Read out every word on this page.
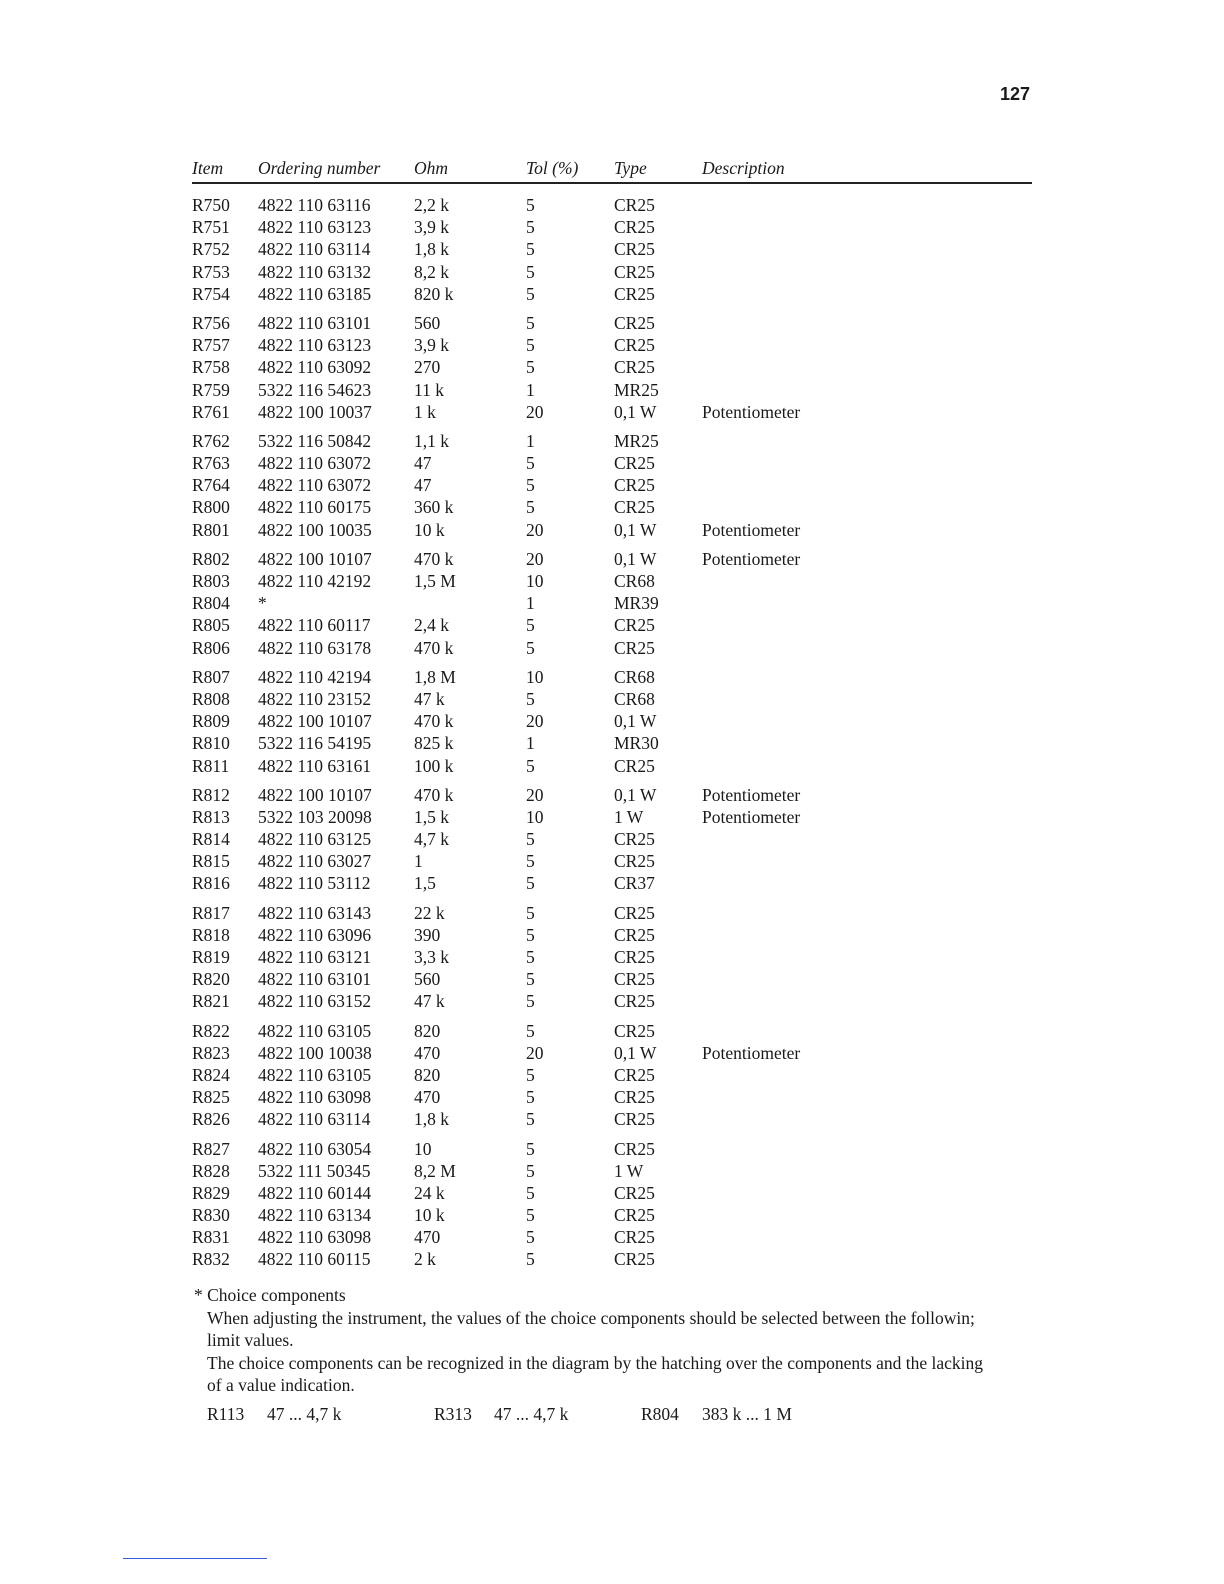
127
Item Ordering number Ohm	Tol (%) Type	Description
R750 4822 110 63116 2,2 k	5	CR25
R751 4822 110 63123 3,9 k	5	CR25
R752 4822 110 63114 1,8 k	5	CR25
R753 4822 110 63132 8,2 k	5	CR25
R754 4822 110 63185 820 k	5	CR25
R756 4822 110 63101 560	5	CR25
R757 4822 110 63123 3,9 k	5	CR25
R758 4822 110 63092 270	5	CR25
R759 5322 116 54623 11 k	1	MR25
R761 4822 100 10037 1 k	20	0,1 W	Potentiometer
R762 5322 116 50842 1,1 k	1	MR25
R763 4822 110 63072 47	5	CR25
R764 4822 110 63072 47	5	CR25
R800 4822 110 60175 360 k	5	CR25
R801 4822 100 10035 10 k	20	0,1 W	Potentiometer
R802 4822 100 10107 470 k	20	0,1 W	Potentiometer
R803 4822 110 42192 1,5 M	10	CR68
R804 *	1	MR39
R805 4822 110 60117 2,4 k	5	CR25
R806 4822 110 63178 470 k	5	CR25
R807 4822 110 42194 1,8 M	10	CR68
R808 4822 110 23152 47 k	5	CR68
R809 4822 100 10107 470 k	20	0,1 W
R810 5322 116 54195 825 k	1	MR30
R811 4822 110 63161 100 k	5	CR25
R812 4822 100 10107 470 k	20	0,1 W	Potentiometer
R813 5322 103 20098 1,5 k	10	1 W	Potentiometer
R814 4822 110 63125 4,7 k	5	CR25
R815 4822 110 63027 1	5	CR25
R816 4822 110 53112 1,5	5	CR37
R817 4822 110 63143 22 k	5	CR25
R818 4822 110 63096 390	5	CR25
R819 4822 110 63121 3,3 k	5	CR25
R820 4822 110 63101 560	5	CR25
R821 4822 110 63152 47 k	5	CR25
R822 4822 110 63105 820	5	CR25
R823 4822 100 10038 470	20	0,1 W	Potentiometer
R824 4822 110 63105 820	5	CR25
R825 4822 110 63098 470	5	CR25
R826 4822 110 63114 1,8 k	5	CR25
R827 4822 110 63054 10	5	CR25
R828 5322 111 50345 8,2 M	5	1 W
R829 4822 110 60144 24 k	5	CR25
R830 4822 110 63134 10 k	5	CR25
R831 4822 110 63098 470	5	CR25
R832 4822 110 60115 2 k	5	CR25
* Choice components
When adjusting the instrument, the values of the choice components should be selected between the followin;
limit values.
The choice components can be recognized in the diagram by the hatching over the components and the lacking
of a value indication.
R113 47 ... 4,7 k	R313 47 ... 4,7 k	R804 383 k ... 1 M
